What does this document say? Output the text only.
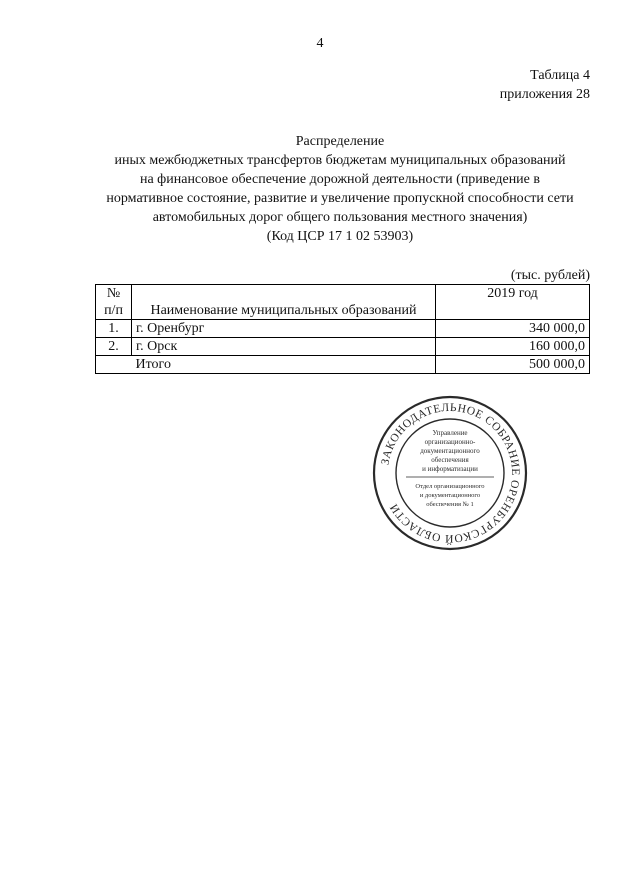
4
Таблица 4
приложения 28
Распределение
иных межбюджетных трансфертов бюджетам муниципальных образований
на финансовое обеспечение дорожной деятельности (приведение в
нормативное состояние, развитие и увеличение пропускной способности сети
автомобильных дорог общего пользования местного значения)
(Код ЦСР 17 1 02 53903)
(тыс. рублей)
№
п/п	Наименование муниципальных образований	2019 год
1.	г. Оренбург	340 000,0
2.	г. Орск	160 000,0
	Итого	500 000,0
ЗАКОНОДАТЕЛЬНОЕ СОБРАНИЕ ОРЕНБУРГСКОЙ ОБЛАСТИ
Управление
организационно-
документационного
обеспечения
и информатизации
Отдел организационного
и документационного
обеспечения № 1
